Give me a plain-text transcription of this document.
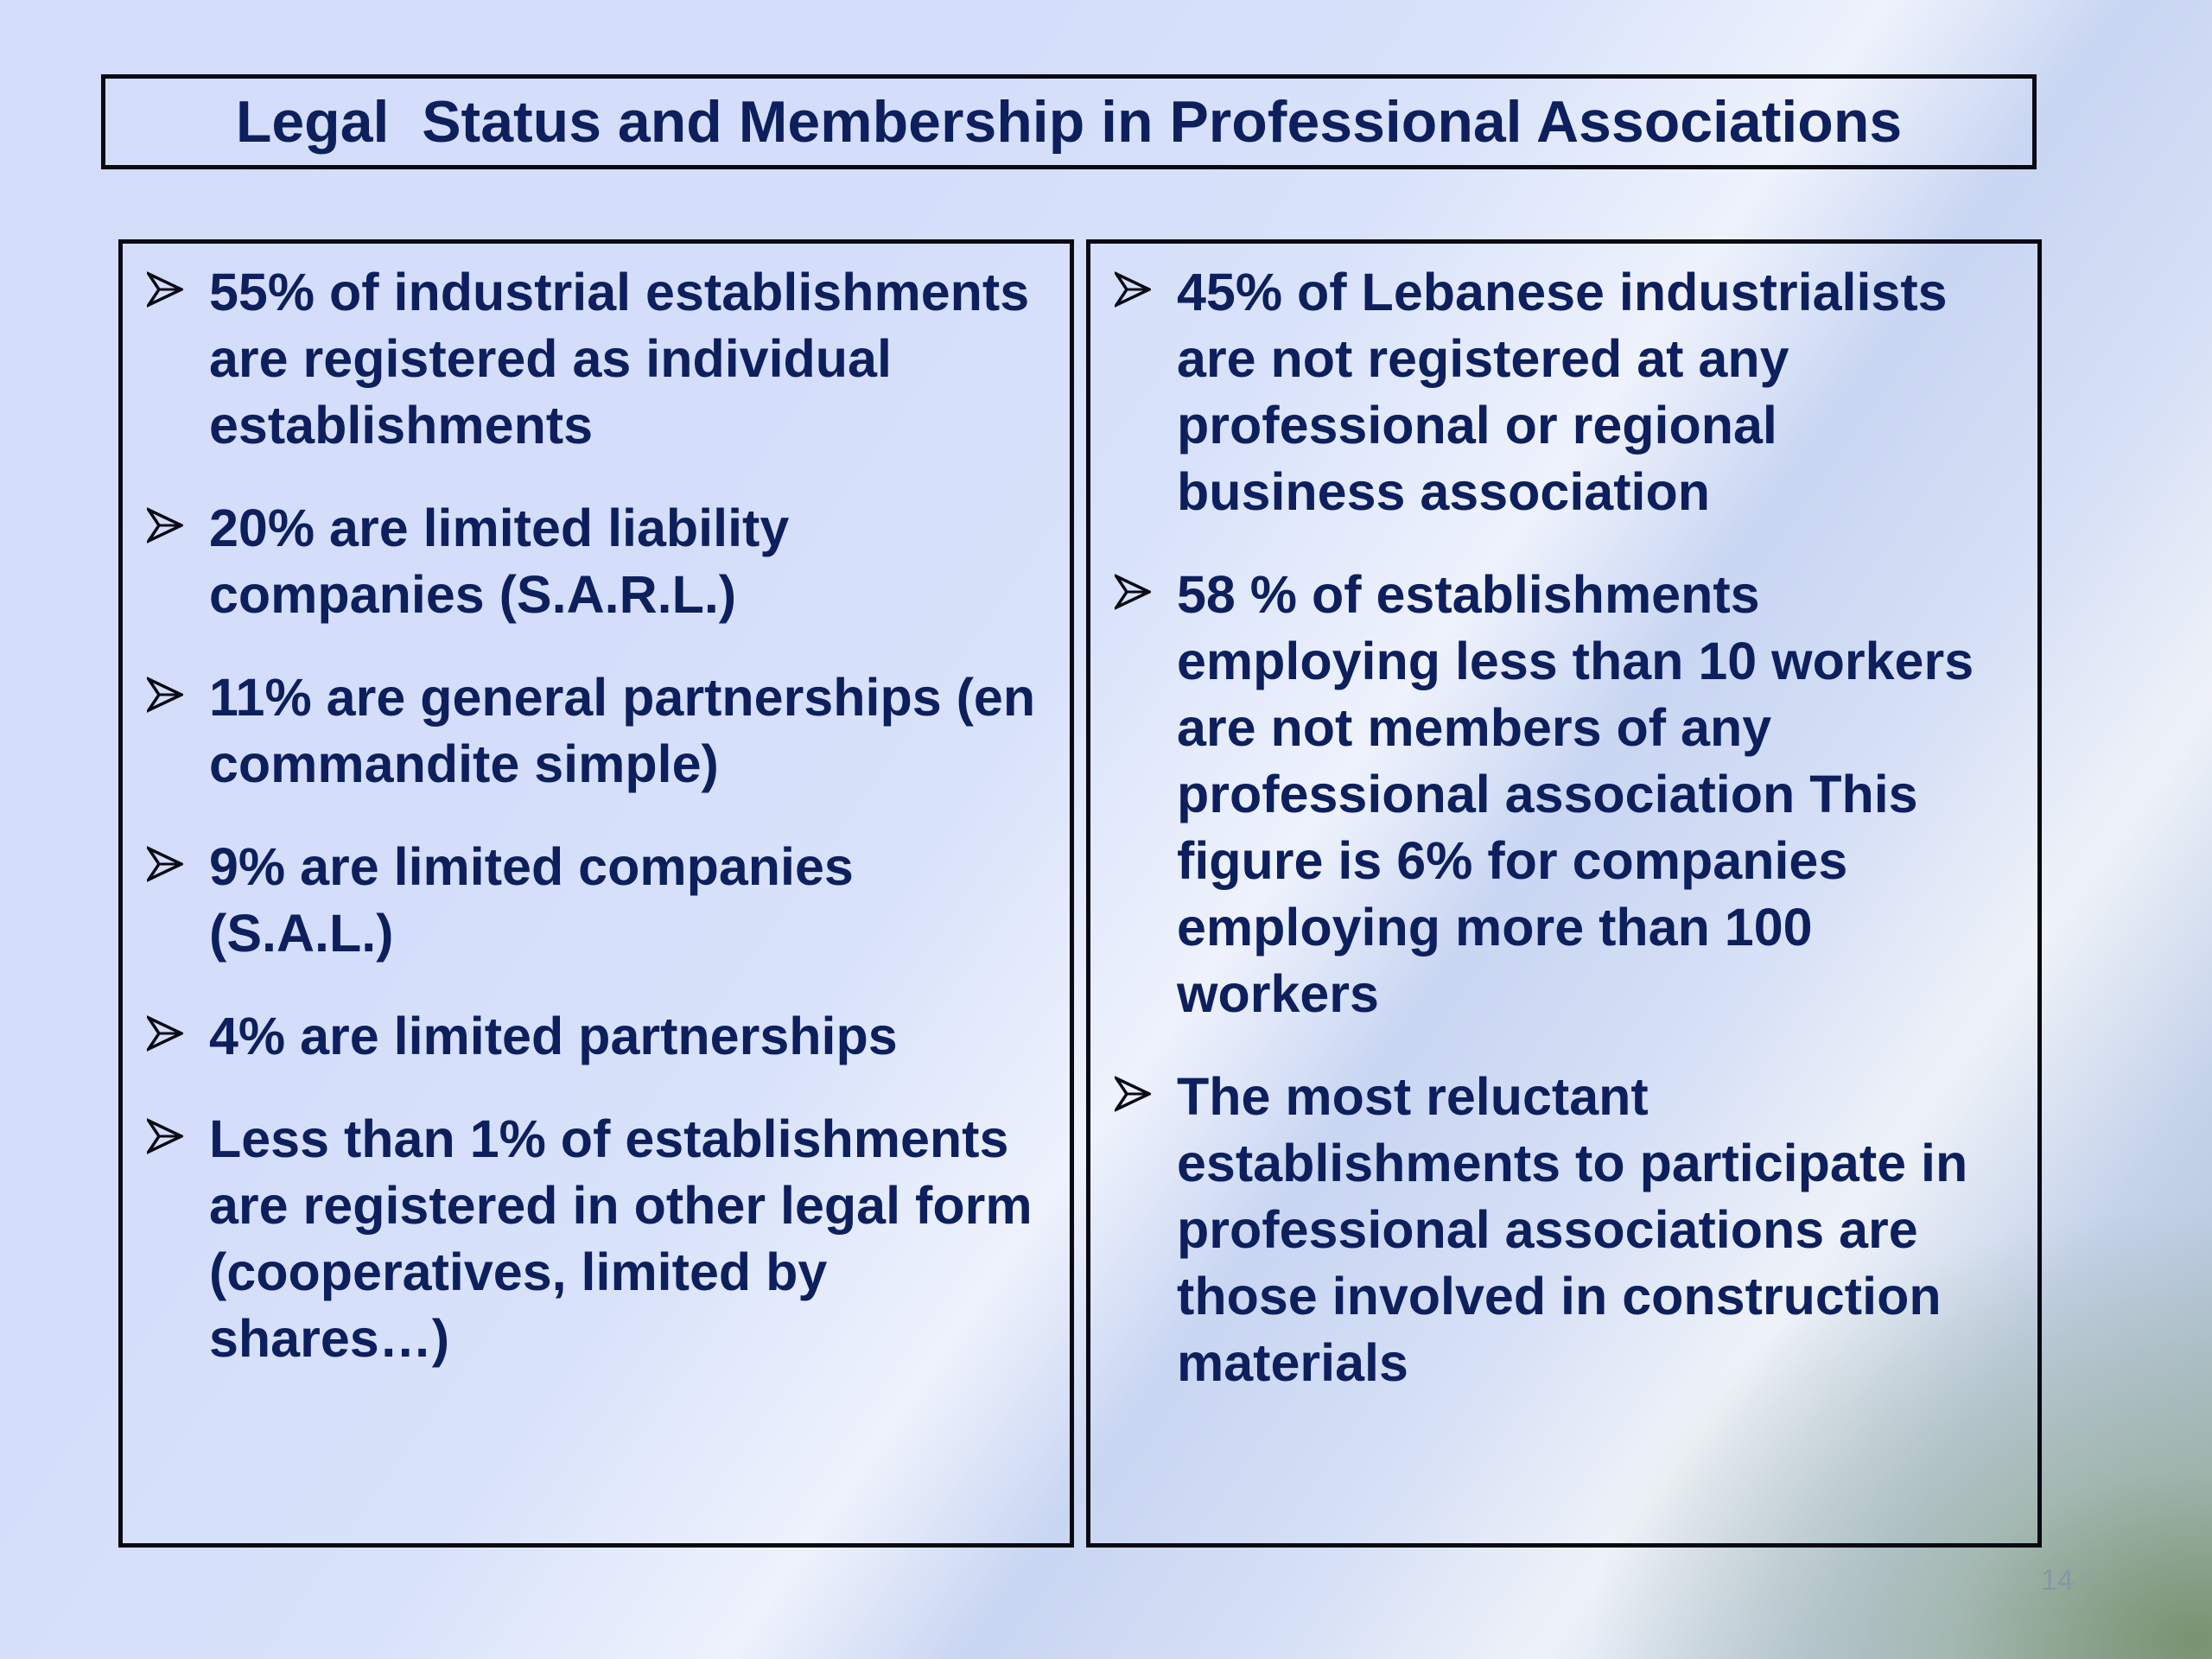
Legal  Status and Membership in Professional Associations
55% of industrial establishments are registered as individual establishments
20% are limited liability companies (S.A.R.L.)
11% are general partnerships (en commandite simple)
9% are limited companies (S.A.L.)
4% are limited partnerships
Less than 1% of establishments are registered in other legal form (cooperatives, limited by shares…)
45% of Lebanese industrialists are not registered at any professional or regional business association
58 % of establishments employing less than 10 workers are not members of any professional association This figure is 6% for companies employing more than 100 workers
The most reluctant establishments to participate in professional associations are those involved in construction materials
14
